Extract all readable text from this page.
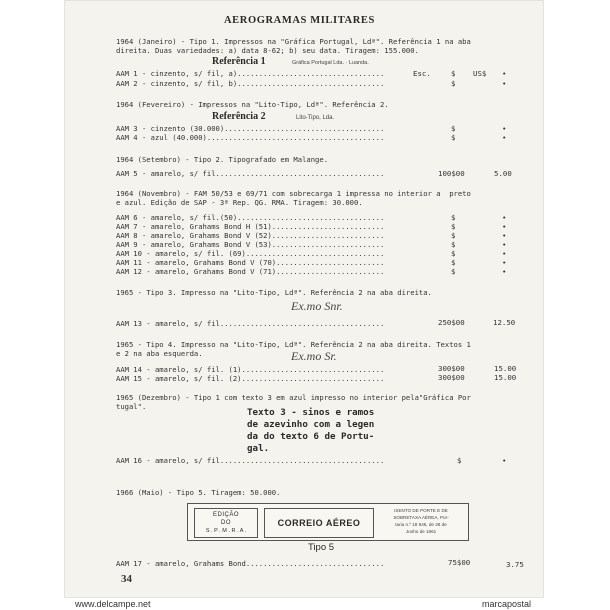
AEROGRAMAS MILITARES
1964 (Janeiro) - Tipo 1. Impressos na "Gráfica Portugal, Ldª". Referência 1 na aba
direita. Duas variedades: a) data 8-62; b) seu data. Tiragem: 155.000.
Referência 1	Gráfica Portugal Lda. · Luanda.
AAM 1 - cinzento, s/ fil, a)..................................	Esc.	$ US$ •
AAM 2 - cinzento, s/ fil, b)..................................	$	•
1964 (Fevereiro) - Impressos na "Lito-Tipo, Ldª". Referência 2.
Referência 2	Lito-Tipo, Lda.
AAM 3 - cinzento (30.000).....................................	$	•
AAM 4 - azul (40.000).........................................	$	•
1964 (Setembro) - Tipo 2. Tipografado em Malange.
AAM 5 - amarelo, s/ fil.......................................	100$00	5.00
1964 (Novembro) - FAM 50/53 e 69/71 com sobrecarga 1 impressa no interior a  preto
e azul. Edição de SAP - 3ª Rep. QG. RMA. Tiragem: 30.000.
AAM 6 - amarelo, s/ fil.(50)..................................	$	•
AAM 7 - amarelo, Grahams Bond H (51)..........................	$	•
AAM 8 - amarelo, Grahams Bond V (52)..........................	$	•
AAM 9 - amarelo, Grahams Bond V (53)..........................	$	•
AAM 10 - amarelo, s/ fil. (69)................................	$	•
AAM 11 - amarelo, Grahams Bond V (70).........................	$	•
AAM 12 - amarelo, Grahams Bond V (71).........................	$	•
1965 - Tipo 3. Impresso na "Lito-Tipo, Ldª". Referência 2 na aba direita.
Ex.mo Snr.
AAM 13 - amarelo, s/ fil......................................	250$00	12.50
1965 - Tipo 4. Impresso na "Lito-Tipo, Ldª". Referência 2 na aba direita. Textos 1
e 2 na aba esquerda.	Ex.mo Sr.
AAM 14 - amarelo, s/ fil. (1).................................	300$00	15.00
AAM 15 - amarelo, s/ fil. (2).................................	300$00	15.00
1965 (Dezembro) - Tipo 1 com texto 3 em azul impresso no interior pela"Gráfica Por
tugal".
Texto 3 - sinos e ramos
de azevinho com a legen
da do texto 6 de Portu-
gal.
AAM 16 - amarelo, s/ fil......................................	$	•
1966 (Maio) - Tipo 5. Tiragem: 50.000.
EDIÇÃO
DO
S . P . M . R . A .
CORREIO AÉREO
ISENTO DE PORTE E DE
SOBRETAXA AÉREA, Por-
taria n.º 18 946, de 28 de
Junho de 1961
Tipo 5
AAM 17 - amarelo, Grahams Bond................................	75$00	3.75
34
www.delcampe.net	marcapostal
